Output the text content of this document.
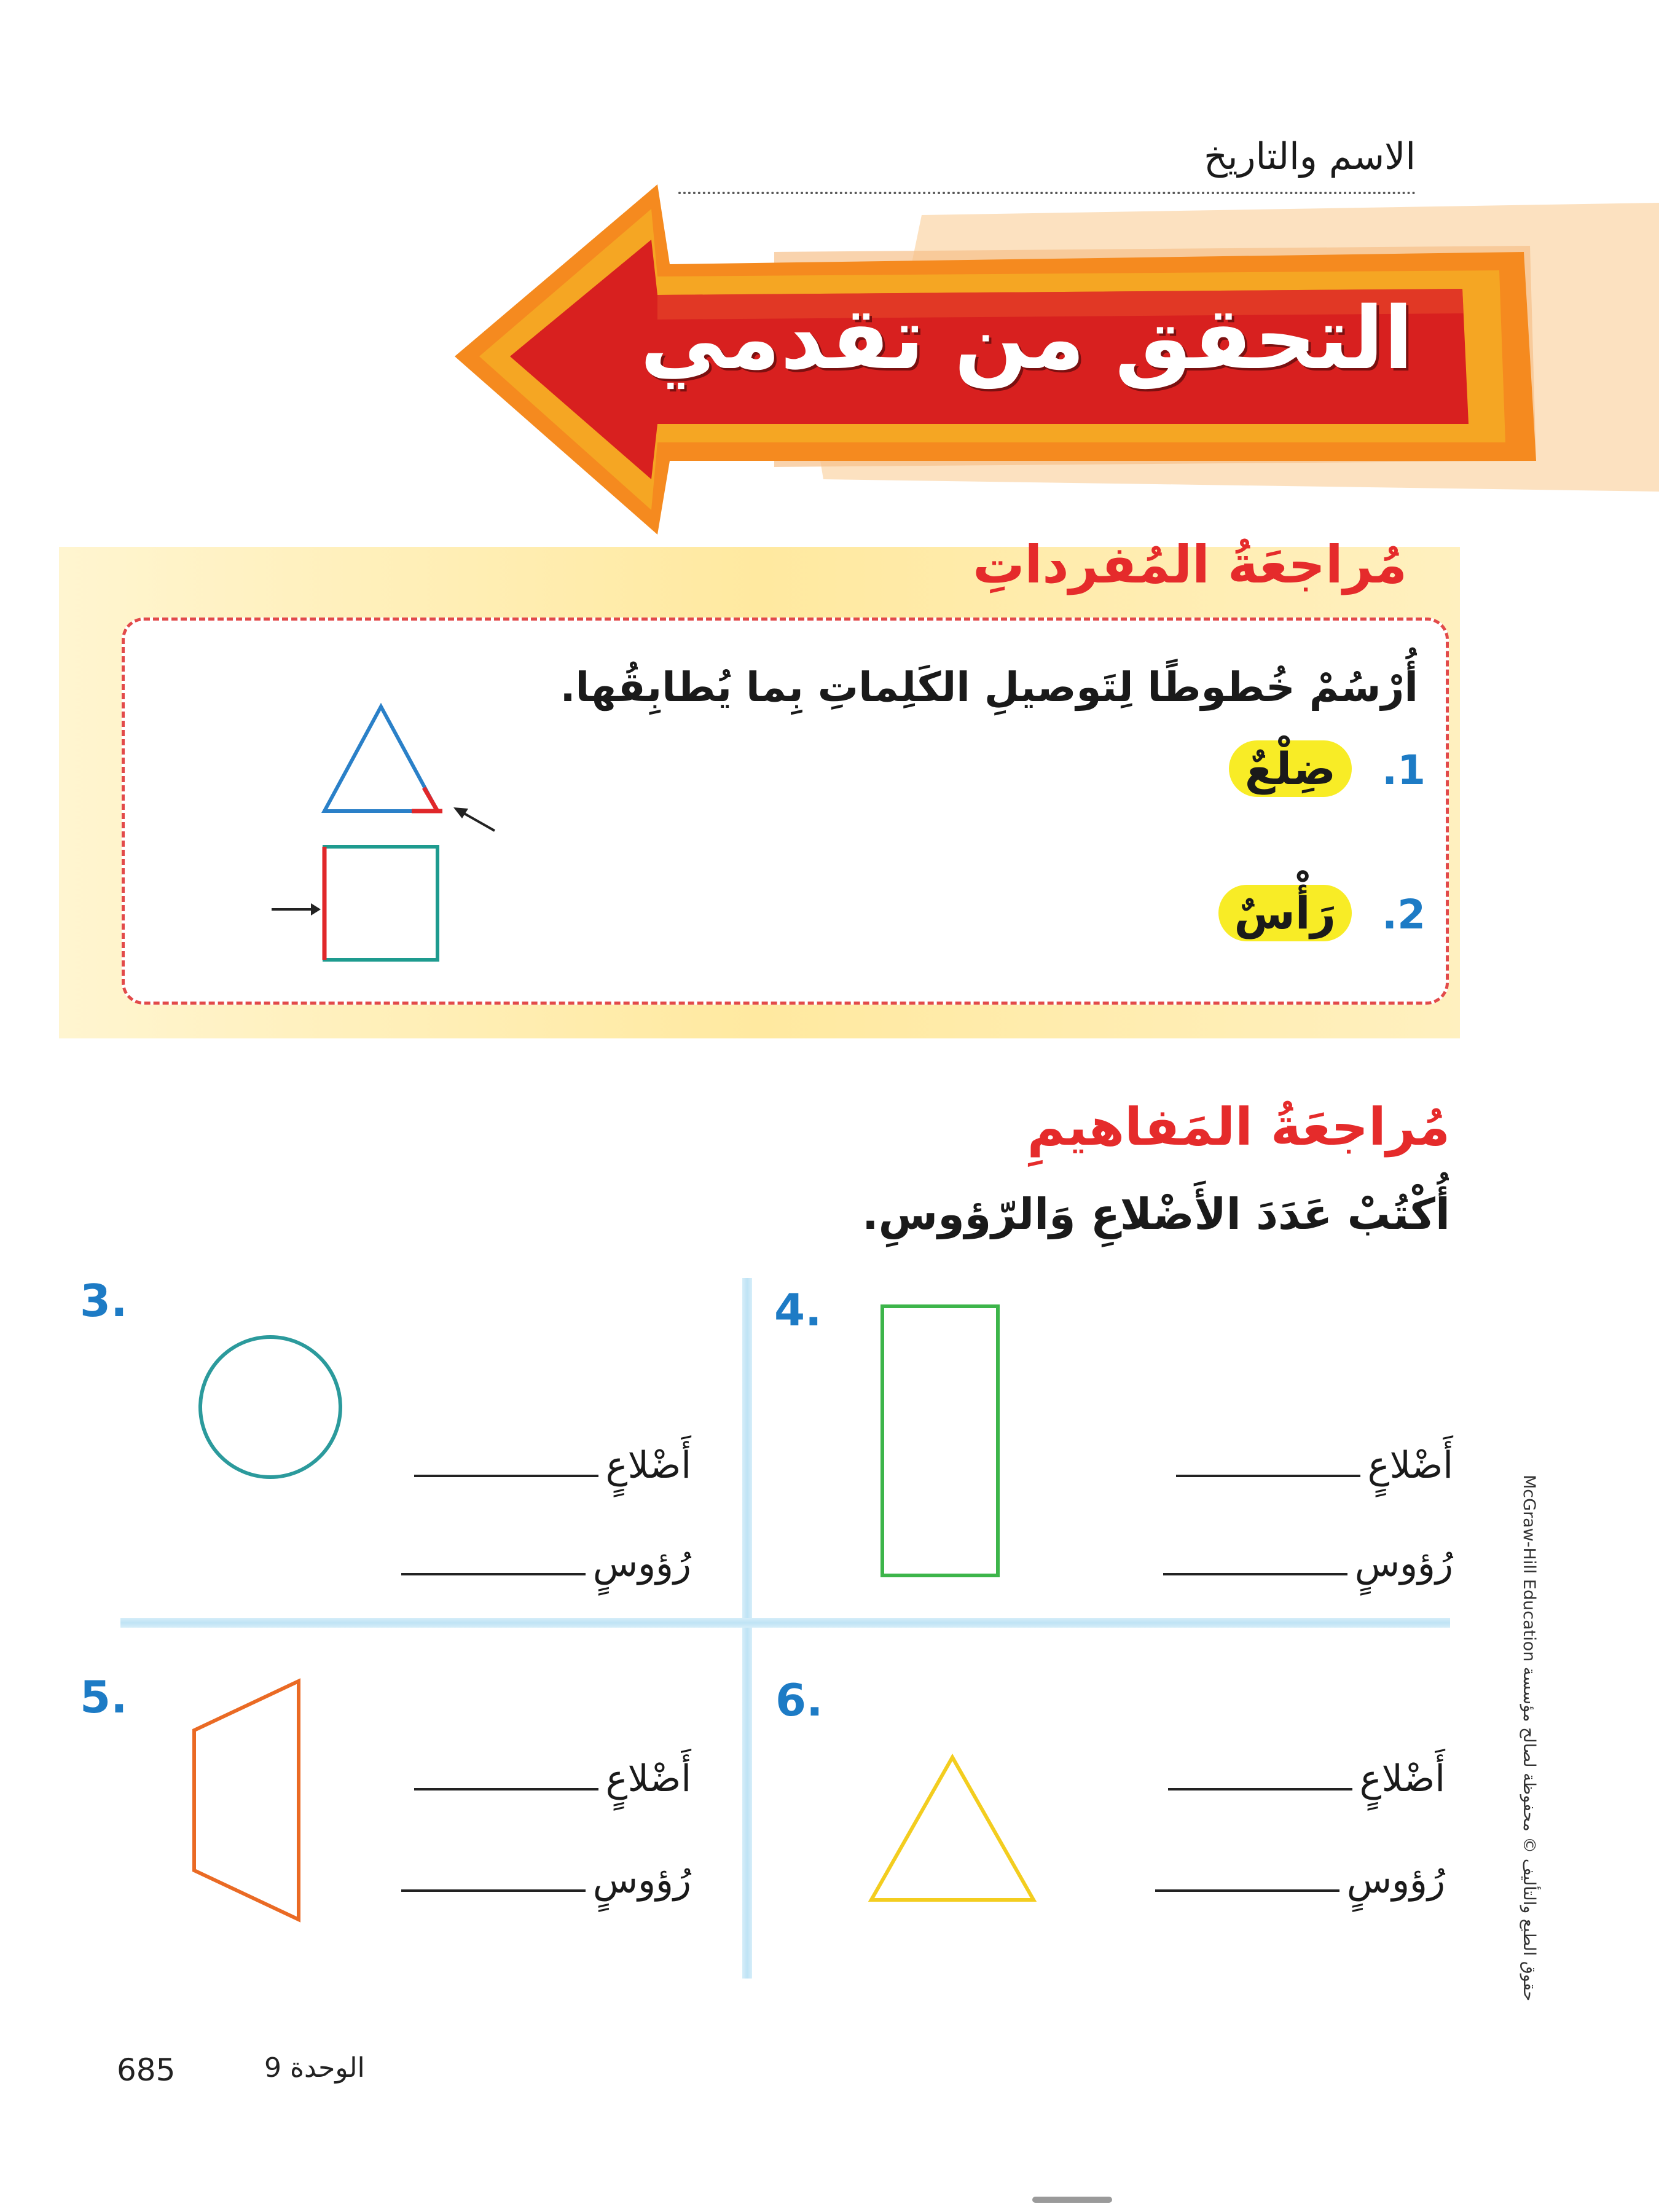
الاسم والتاريخ
التحقق من تقدمي
مُراجعَةُ المُفرداتِ
أُرْسُمْ خُطوطًا لِتَوصيلِ الكَلِماتِ بِما يُطابِقُها.
1.
ضِلْعٌ
2.
رَأْسٌ
مُراجعَةُ المَفاهيمِ
أُكْتُبْ عَدَدَ الأَضْلاعِ وَالرّؤوسِ.
3.	4.
5.	6.
أَضْلاعٍ
رُؤوسٍ
أَضْلاعٍ
رُؤوسٍ
أَضْلاعٍ
رُؤوسٍ
أَضْلاعٍ
رُؤوسٍ
حقوق الطبع والتأليف © محفوظة لصالح مؤسسة McGraw-Hill Education
الوحدة 9
685
